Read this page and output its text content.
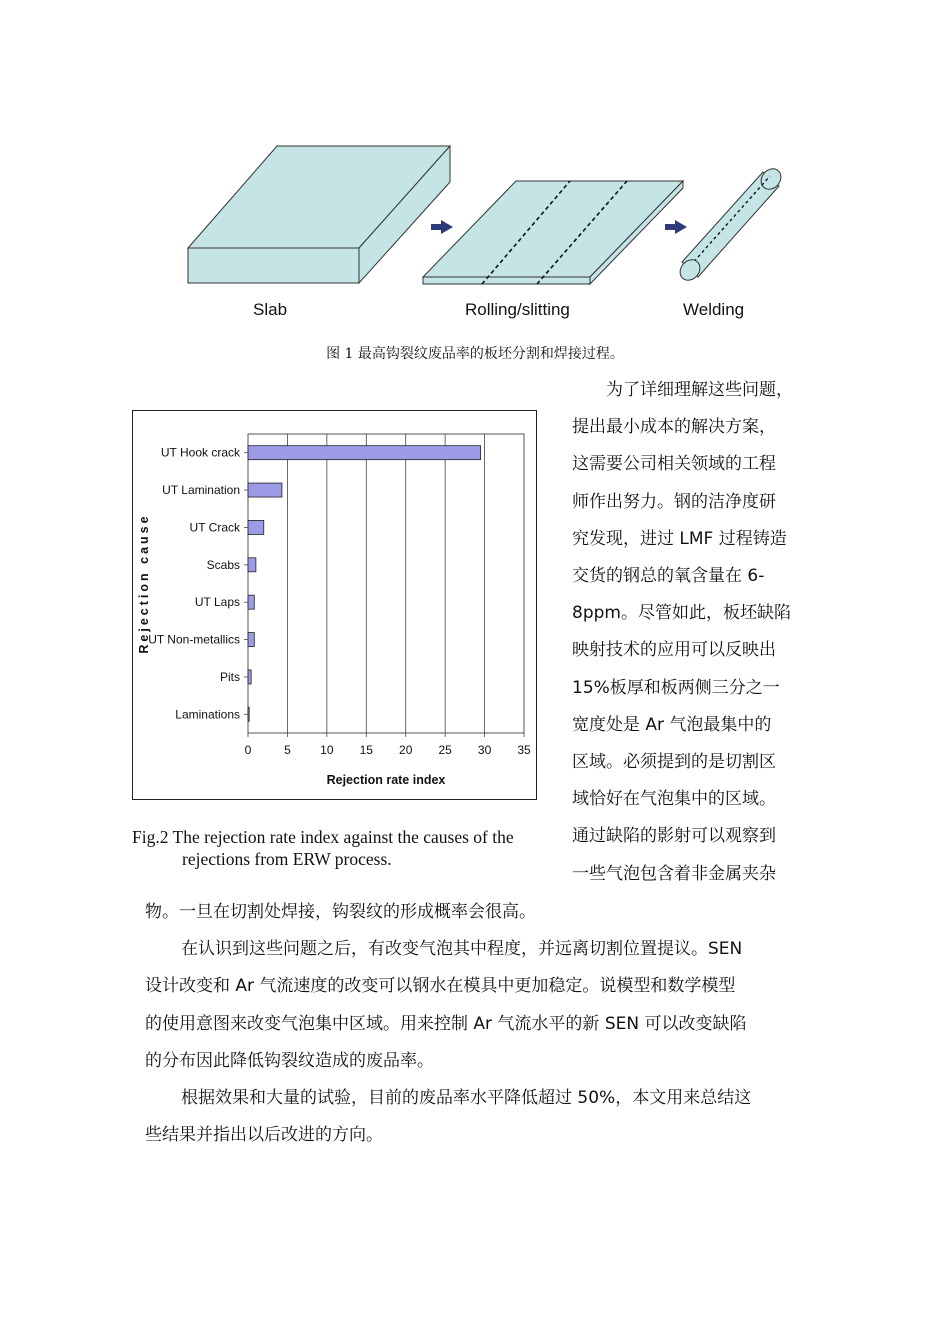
Slab	Rolling/slitting	Welding
图 1 最高钩裂纹废品率的板坯分割和焊接过程。
0	5 10 15 20 25 30 35
UT Hook crack
UT Lamination
UT Crack
Scabs
UT Laps
UT Non-metallics
Pits
Laminations
Rejection rate index
Rejection cause
Fig.2 The rejection rate index against the causes of the
rejections from ERW process.

为了详细理解这些问题，

提出最小成本的解决方案，

这需要公司相关领域的工程

师作出努力。钢的洁净度研

究发现，进过 LMF 过程铸造

交货的钢总的氧含量在 6-

8ppm。尽管如此，板坯缺陷

映射技术的应用可以反映出

15%板厚和板两侧三分之一

宽度处是 Ar 气泡最集中的

区域。必须提到的是切割区

域恰好在气泡集中的区域。

通过缺陷的影射可以观察到

一些气泡包含着非金属夹杂

物。一旦在切割处焊接，钩裂纹的形成概率会很高。

在认识到这些问题之后，有改变气泡其中程度，并远离切割位置提议。SEN

设计改变和 Ar 气流速度的改变可以钢水在模具中更加稳定。说模型和数学模型

的使用意图来改变气泡集中区域。用来控制 Ar 气流水平的新 SEN 可以改变缺陷

的分布因此降低钩裂纹造成的废品率。

根据效果和大量的试验，目前的废品率水平降低超过 50%，本文用来总结这

些结果并指出以后改进的方向。
